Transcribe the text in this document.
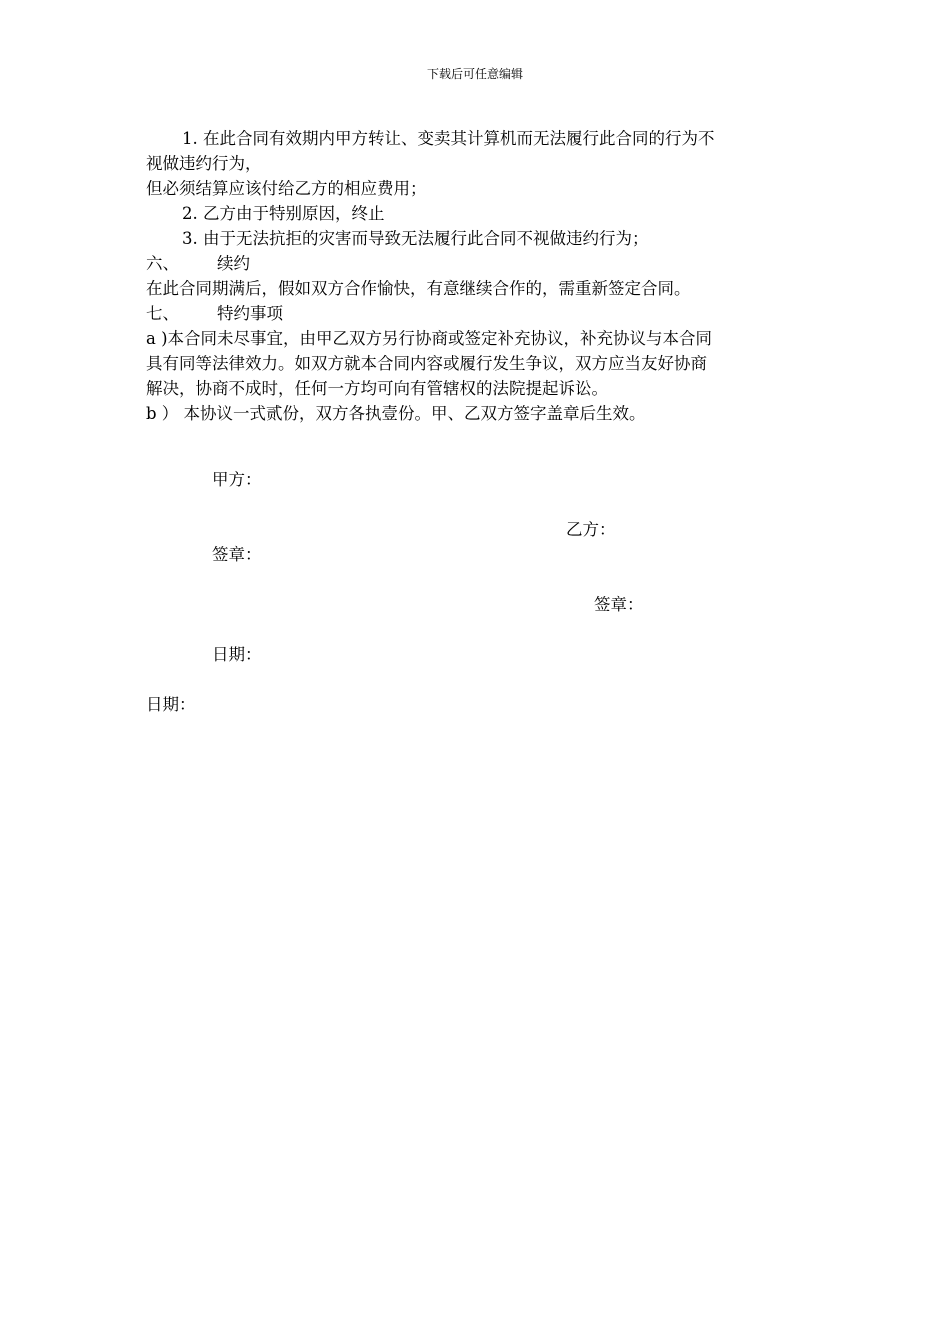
下载后可任意编辑

1. 在此合同有效期内甲方转让、变卖其计算机而无法履行此合同的行为不

视做违约行为，

但必须结算应该付给乙方的相应费用；

2. 乙方由于特别原因，终止

3. 由于无法抗拒的灾害而导致无法履行此合同不视做违约行为；

六、 续约

在此合同期满后，假如双方合作愉快，有意继续合作的，需重新签定合同。

七、 特约事项

a )本合同未尽事宜，由甲乙双方另行协商或签定补充协议，补充协议与本合同

具有同等法律效力。如双方就本合同内容或履行发生争议，双方应当友好协商

解决，协商不成时，任何一方均可向有管辖权的法院提起诉讼。

b ） 本协议一式贰份，双方各执壹份。甲、乙双方签字盖章后生效。

甲方：
乙方：
签章：
签章：
日期：
日期：
